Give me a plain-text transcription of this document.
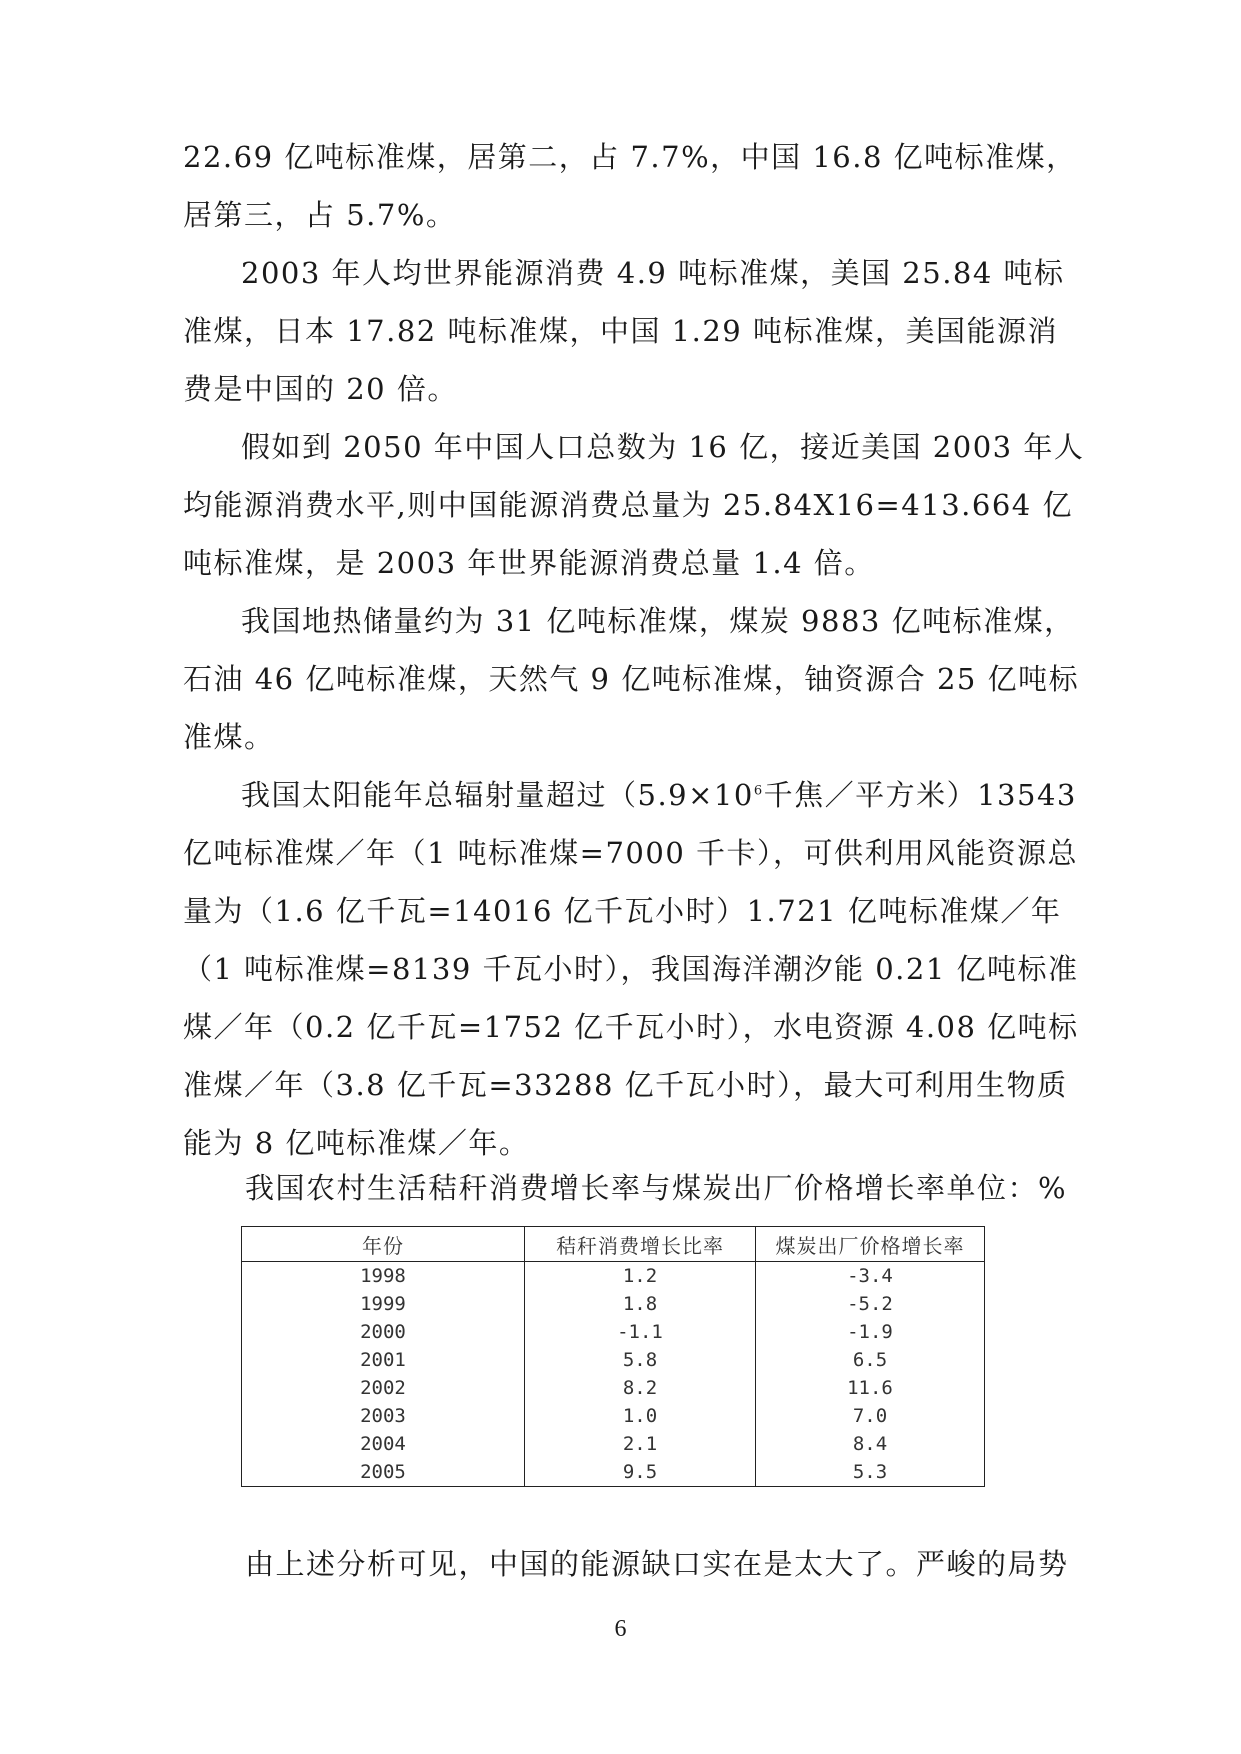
22.69 亿吨标准煤，居第二，占 7.7%，中国 16.8 亿吨标准煤，居第三，占 5.7%。

2003 年人均世界能源消费 4.9 吨标准煤，美国 25.84 吨标准煤，日本 17.82 吨标准煤，中国 1.29 吨标准煤，美国能源消费是中国的 20 倍。

假如到 2050 年中国人口总数为 16 亿，接近美国 2003 年人均能源消费水平,则中国能源消费总量为 25.84X16=413.664 亿吨标准煤，是 2003 年世界能源消费总量 1.4 倍。

我国地热储量约为 31 亿吨标准煤，煤炭 9883 亿吨标准煤，石油 46 亿吨标准煤，天然气 9 亿吨标准煤，铀资源合 25 亿吨标准煤。

我国太阳能年总辐射量超过（$5.9\times 10^6$千焦／平方米）13543 亿吨标准煤／年（1 吨标准煤=7000 千卡），可供利用风能资源总量为（1.6 亿千瓦=14016 亿千瓦小时）1.721 亿吨标准煤／年（1 吨标准煤=8139 千瓦小时），我国海洋潮汐能 0.21 亿吨标准煤／年（0.2 亿千瓦=1752 亿千瓦小时），水电资源 4.08 亿吨标准煤／年（3.8 亿千瓦=33288 亿千瓦小时），最大可利用生物质能为 8 亿吨标准煤／年。

我国农村生活秸秆消费增长率与煤炭出厂价格增长率单位：%
年份	秸秆消费增长比率	煤炭出厂价格增长率
1998	1.2	-3.4
1999	1.8	-5.2
2000	-1.1	-1.9
2001	5.8	6.5
2002	8.2	11.6
2003	1.0	7.0
2004	2.1	8.4
2005	9.5	5.3
由上述分析可见，中国的能源缺口实在是太大了。严峻的局势
6
